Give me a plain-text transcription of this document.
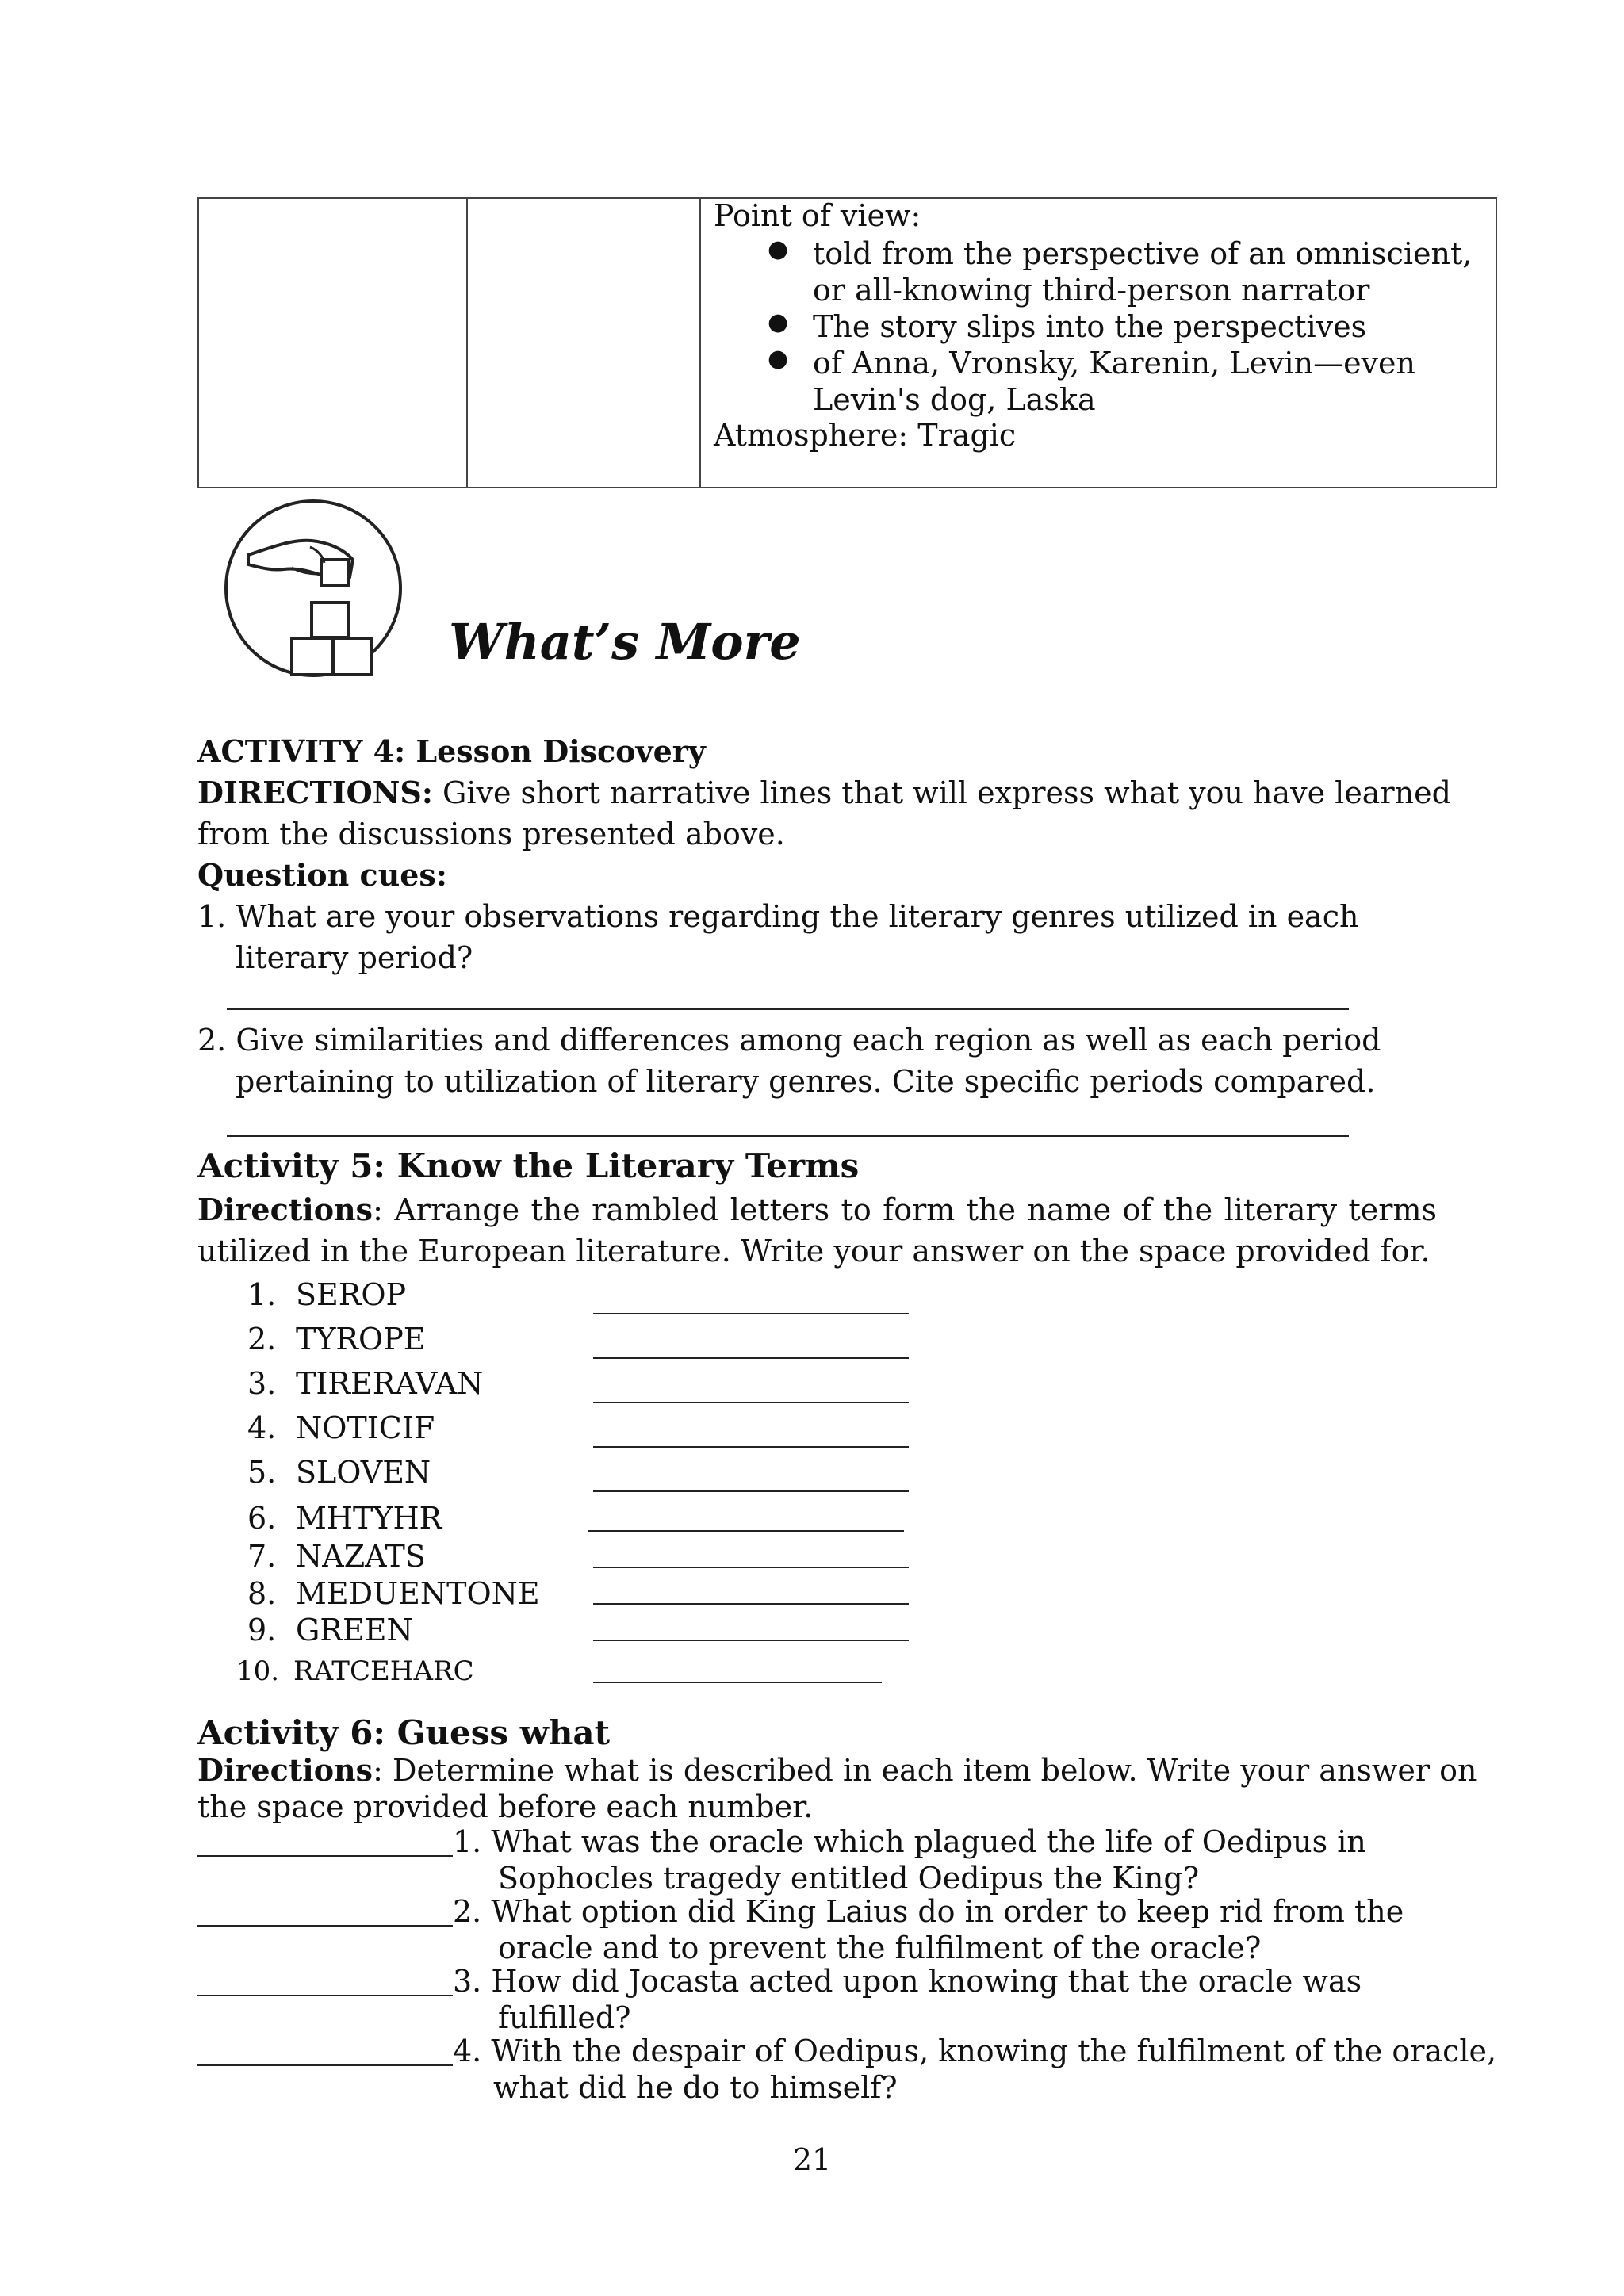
Point of view:
● told from the perspective of an omniscient,
or all-knowing third-person narrator
● The story slips into the perspectives
● of Anna, Vronsky, Karenin, Levin—even
Levin's dog, Laska
Atmosphere: Tragic
What’s More
ACTIVITY 4: Lesson Discovery
DIRECTIONS: Give short narrative lines that will express what you have learned
from the discussions presented above.
Question cues:
1. What are your observations regarding the literary genres utilized in each
literary period?
2. Give similarities and differences among each region as well as each period
pertaining to utilization of literary genres. Cite specific periods compared.
Activity 5: Know the Literary Terms
Directions: Arrange the rambled letters to form the name of the literary terms
utilized in the European literature. Write your answer on the space provided for.
1. SEROP
2. TYROPE
3. TIRERAVAN
4. NOTICIF
5. SLOVEN
6. MHTYHR
7. NAZATS
8. MEDUENTONE
9. GREEN
10. RATCEHARC
Activity 6: Guess what
Directions: Determine what is described in each item below. Write your answer on
the space provided before each number.
1. What was the oracle which plagued the life of Oedipus in
Sophocles tragedy entitled Oedipus the King?
2. What option did King Laius do in order to keep rid from the
oracle and to prevent the fulfilment of the oracle?
3. How did Jocasta acted upon knowing that the oracle was
fulfilled?
4. With the despair of Oedipus, knowing the fulfilment of the oracle,
what did he do to himself?
21
